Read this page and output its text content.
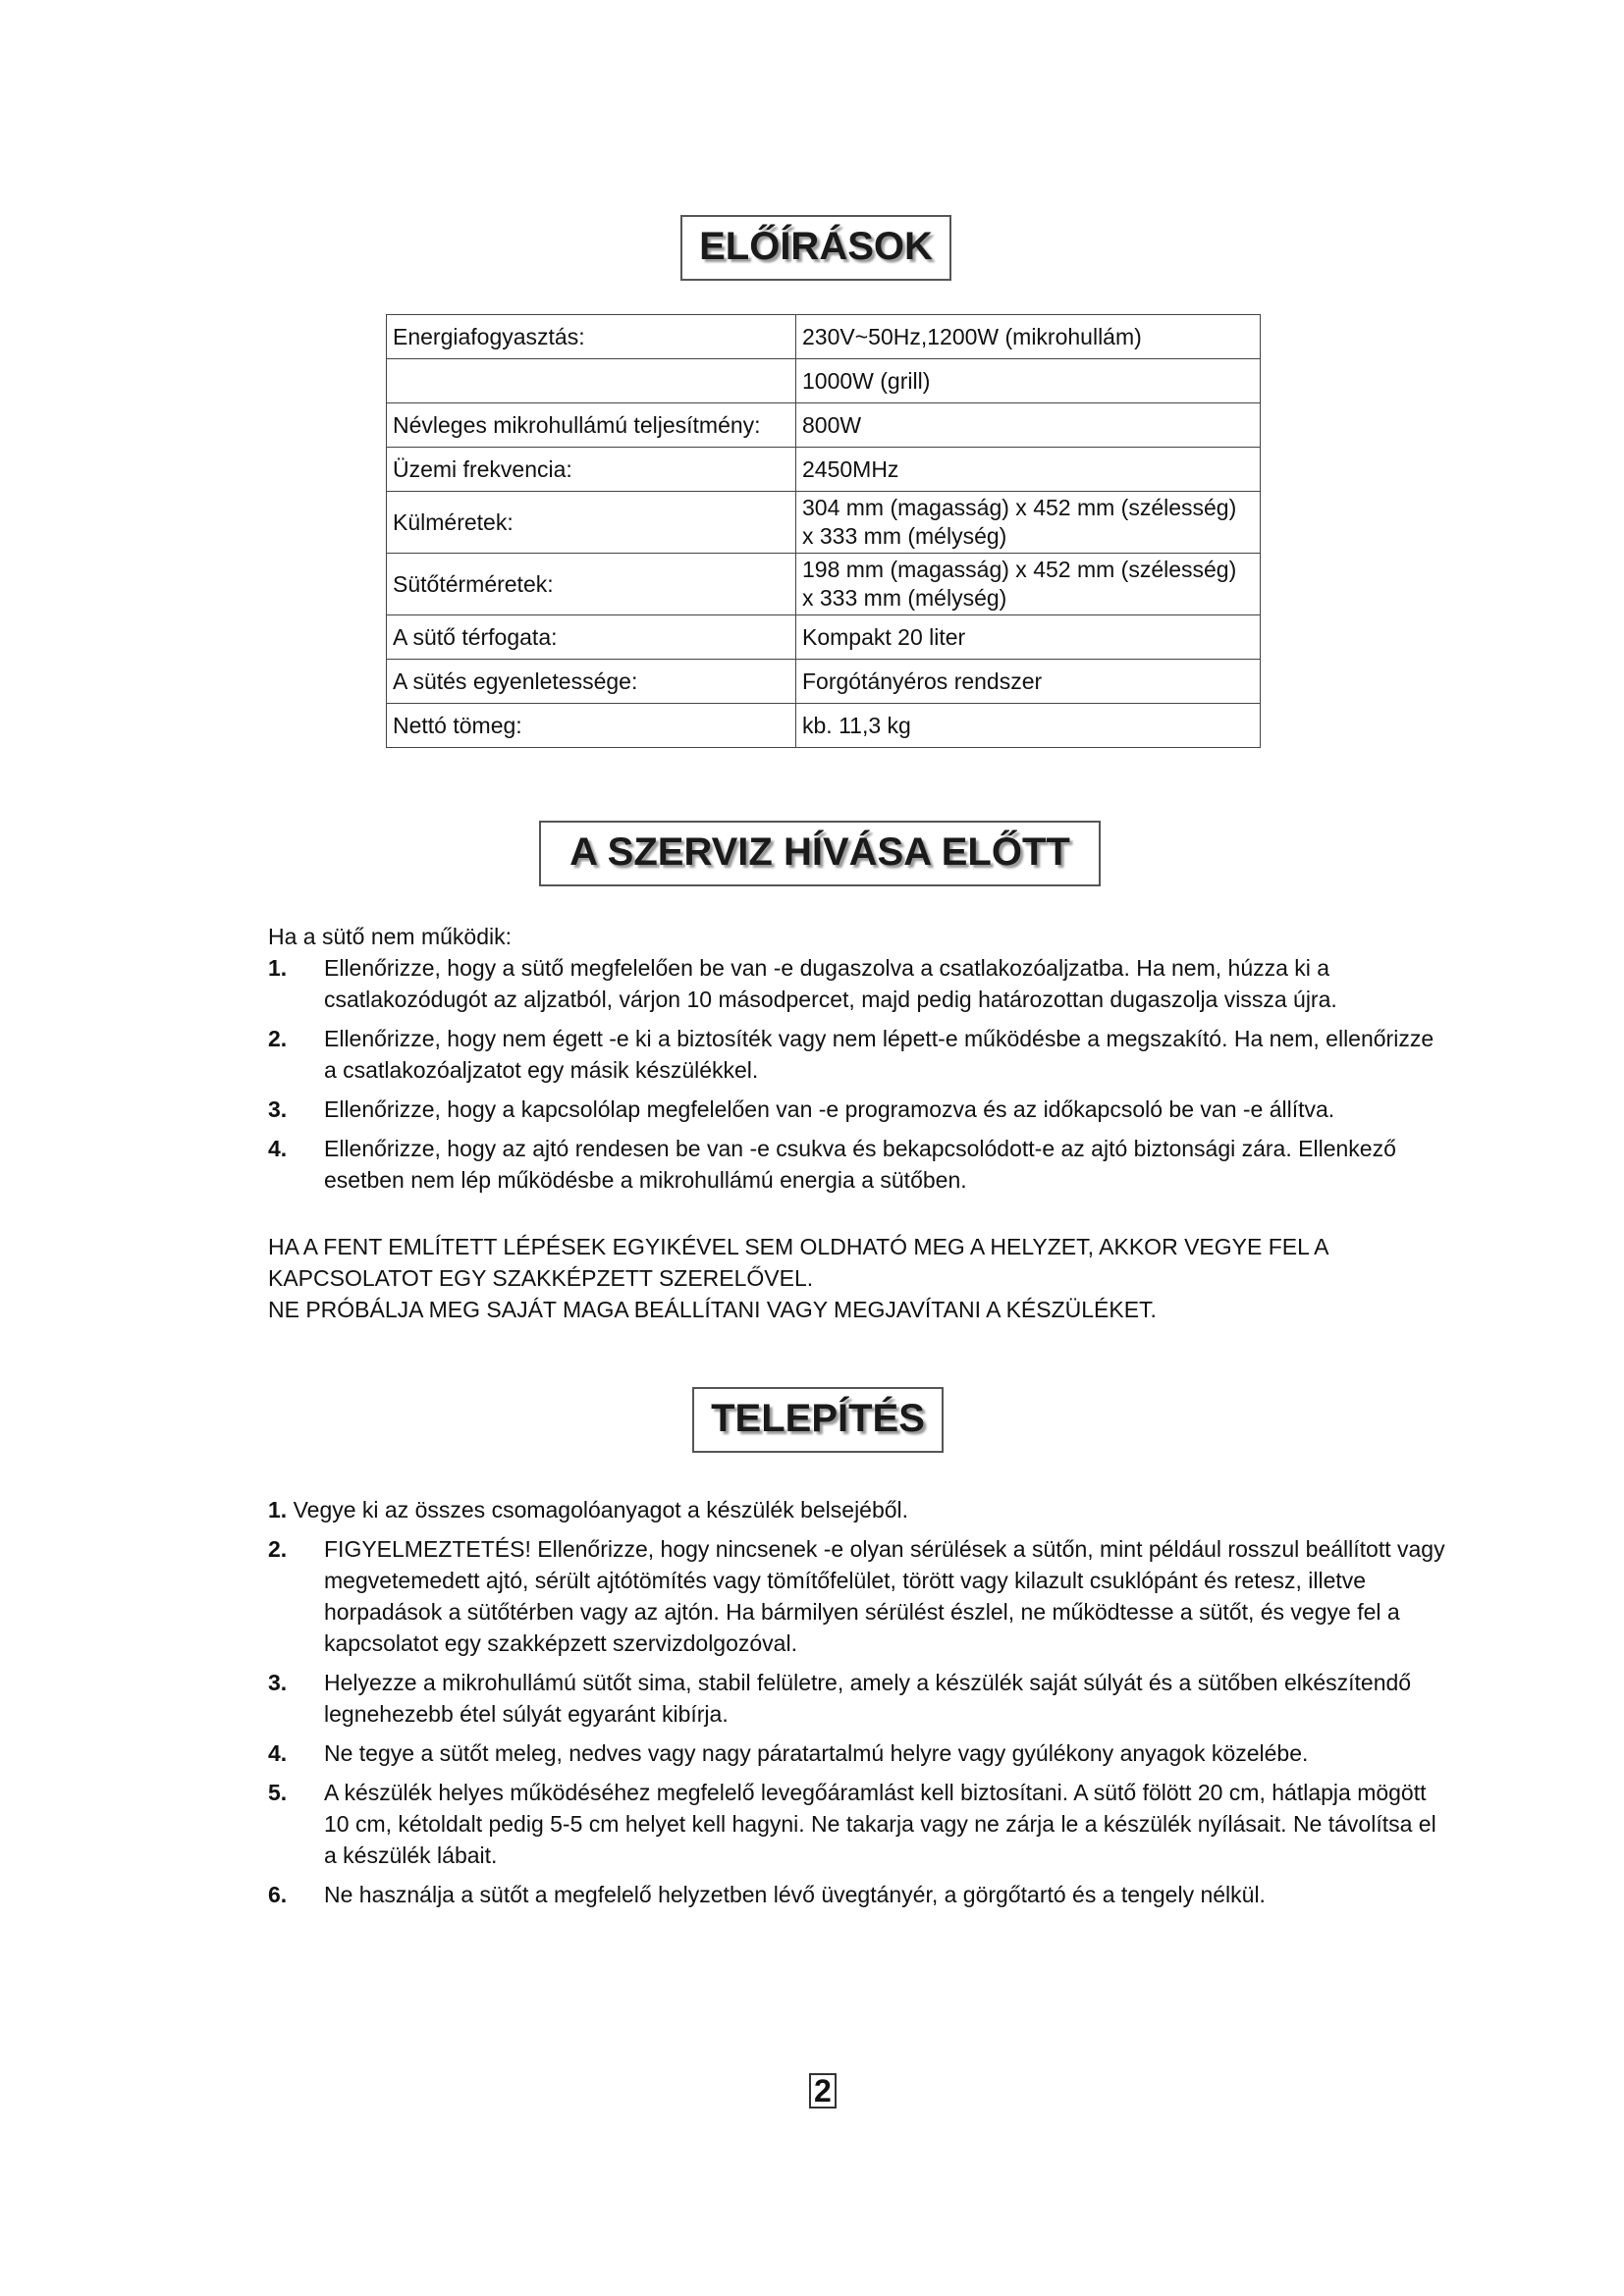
ELŐÍRÁSOK
Energiafogyasztás:	230V~50Hz,1200W (mikrohullám)
	1000W (grill)
Névleges mikrohullámú teljesítmény:	800W
Üzemi frekvencia:	2450MHz
Külméretek:	304 mm (magasság) x 452 mm (szélesség) x 333 mm (mélység)
Sütőtérméretek:	198 mm (magasság) x 452 mm (szélesség) x 333 mm (mélység)
A sütő térfogata:	Kompakt 20 liter
A sütés egyenletessége:	Forgótányéros rendszer
Nettó tömeg:	kb. 11,3 kg
A SZERVIZ HÍVÁSA ELŐTT
Ha a sütő nem működik:
1. Ellenőrizze, hogy a sütő megfelelően be van -e dugaszolva a csatlakozóaljzatba. Ha nem, húzza ki a csatlakozódugót az aljzatból, várjon 10 másodpercet, majd pedig határozottan dugaszolja vissza újra.
2. Ellenőrizze, hogy nem égett -e ki a biztosíték vagy nem lépett-e működésbe a megszakító. Ha nem, ellenőrizze a csatlakozóaljzatot egy másik készülékkel.
3. Ellenőrizze, hogy a kapcsolólap megfelelően van -e programozva és az időkapcsoló be van -e állítva.
4. Ellenőrizze, hogy az ajtó rendesen be van -e csukva és bekapcsolódott-e az ajtó biztonsági zára. Ellenkező esetben nem lép működésbe a mikrohullámú energia a sütőben.

HA A FENT EMLÍTETT LÉPÉSEK EGYIKÉVEL SEM OLDHATÓ MEG A HELYZET, AKKOR VEGYE FEL A KAPCSOLATOT EGY SZAKKÉPZETT SZERELŐVEL.

NE PRÓBÁLJA MEG SAJÁT MAGA BEÁLLÍTANI VAGY MEGJAVÍTANI A KÉSZÜLÉKET.

TELEPÍTÉS
1. Vegye ki az összes csomagolóanyagot a készülék belsejéből.
2. FIGYELMEZTETÉS! Ellenőrizze, hogy nincsenek -e olyan sérülések a sütőn, mint például rosszul beállított vagy megvetemedett ajtó, sérült ajtótömítés vagy tömítőfelület, törött vagy kilazult csuklópánt és retesz, illetve horpadások a sütőtérben vagy az ajtón. Ha bármilyen sérülést észlel, ne működtesse a sütőt, és vegye fel a kapcsolatot egy szakképzett szervizdolgozóval.
3. Helyezze a mikrohullámú sütőt sima, stabil felületre, amely a készülék saját súlyát és a sütőben elkészítendő legnehezebb étel súlyát egyaránt kibírja.
4. Ne tegye a sütőt meleg, nedves vagy nagy páratartalmú helyre vagy gyúlékony anyagok közelébe.
5. A készülék helyes működéséhez megfelelő levegőáramlást kell biztosítani. A sütő fölött 20 cm, hátlapja mögött 10 cm, kétoldalt pedig 5-5 cm helyet kell hagyni. Ne takarja vagy ne zárja le a készülék nyílásait. Ne távolítsa el a készülék lábait.
6. Ne használja a sütőt a megfelelő helyzetben lévő üvegtányér, a görgőtartó és a tengely nélkül.
2
